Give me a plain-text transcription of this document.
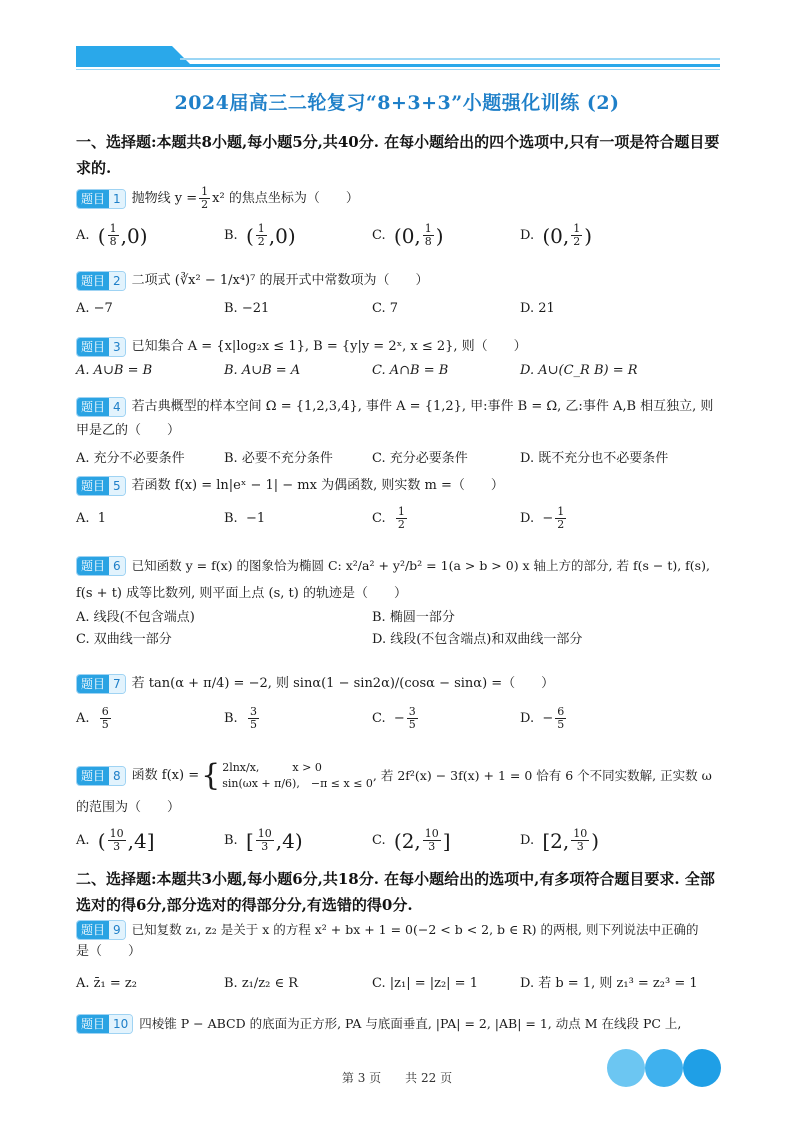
2024届高三二轮复习“8+3+3”小题强化训练 (2)
一、选择题:本题共8小题,每小题5分,共40分. 在每小题给出的四个选项中,只有一项是符合题目要求的.
题目 1 抛物线 $y = \frac{1}{2} x^2$ 的焦点坐标为（　　）
A.
( $\frac{1}{8} ,0$)	B.
( $\frac{1}{2} ,0$)	C.
(0, $\frac{1}{8}$ )	D.
(0, $\frac{1}{2}$ )
题目 2 二项式 (∛x² − 1/x⁴)⁷ 的展开式中常数项为（　　）
A. −7	B. −21	C. 7	D. 21
题目 3 已知集合 A = {x|log₂x ≤ 1}, B = {y|y = 2ˣ, x ≤ 2}, 则（　　）
A. A∪B = B	B. A∪B = A	C. A∩B = B	D. A∪(C_R B) = R
题目 4 若古典概型的样本空间 Ω = {1,2,3,4}, 事件 A = {1,2}, 甲:事件 B = Ω, 乙:事件 A,B 相互独立, 则
甲是乙的（　　）
A. 充分不必要条件	B. 必要不充分条件	C. 充分必要条件	D. 既不充分也不必要条件
题目 5 若函数 f(x) = ln|eˣ − 1| − mx 为偶函数, 则实数 m =（　　）
A.
1	B.
−1	C.
$\frac{1}{2}$	D.
− $\frac{1}{2}$
题目 6 已知函数 y = f(x) 的图象恰为椭圆 C: x²/a² + y²/b² = 1(a > b > 0) x 轴上方的部分, 若 f(s − t), f(s),
f(s + t) 成等比数列, 则平面上点 (s, t) 的轨迹是（　　）
A. 线段(不包含端点)	B. 椭圆一部分
C. 双曲线一部分	D. 线段(不包含端点)和双曲线一部分
题目 7 若 tan(α + π/4) = −2, 则 sinα(1 − sin2α)/(cosα − sinα) =（　　）
A.
$\frac{6}{5}$	B.
$\frac{3}{5}$	C.
− $\frac{3}{5}$	D.
− $\frac{6}{5}$
题目 8 函数 f(x) = { 2lnx/x,　　　x > 0
sin(ωx + π/6),　−π ≤ x ≤ 0
, 若 2f²(x) − 3f(x) + 1 = 0 恰有 6 个不同实数解, 正实数 ω
的范围为（　　）
A.
( $\frac{10}{3} ,4$]	B.
[ $\frac{10}{3} ,4$)	C.
(2, $\frac{10}{3}$ ]	D.
[2, $\frac{10}{3}$ )
二、选择题:本题共3小题,每小题6分,共18分. 在每小题给出的选项中,有多项符合题目要求. 全部选对的得6分,部分选对的得部分分,有选错的得0分.
题目 9 已知复数 z₁, z₂ 是关于 x 的方程 x² + bx + 1 = 0(−2 < b < 2, b ∈ R) 的两根, 则下列说法中正确的
是（　　）
A. z̄₁ = z₂	B. z₁/z₂ ∈ R	C. |z₁| = |z₂| = 1	D. 若 b = 1, 则 z₁³ = z₂³ = 1
题目 10 四棱锥 P − ABCD 的底面为正方形, PA 与底面垂直, |PA| = 2, |AB| = 1, 动点 M 在线段 PC 上,
第 3 页　　共 22 页
